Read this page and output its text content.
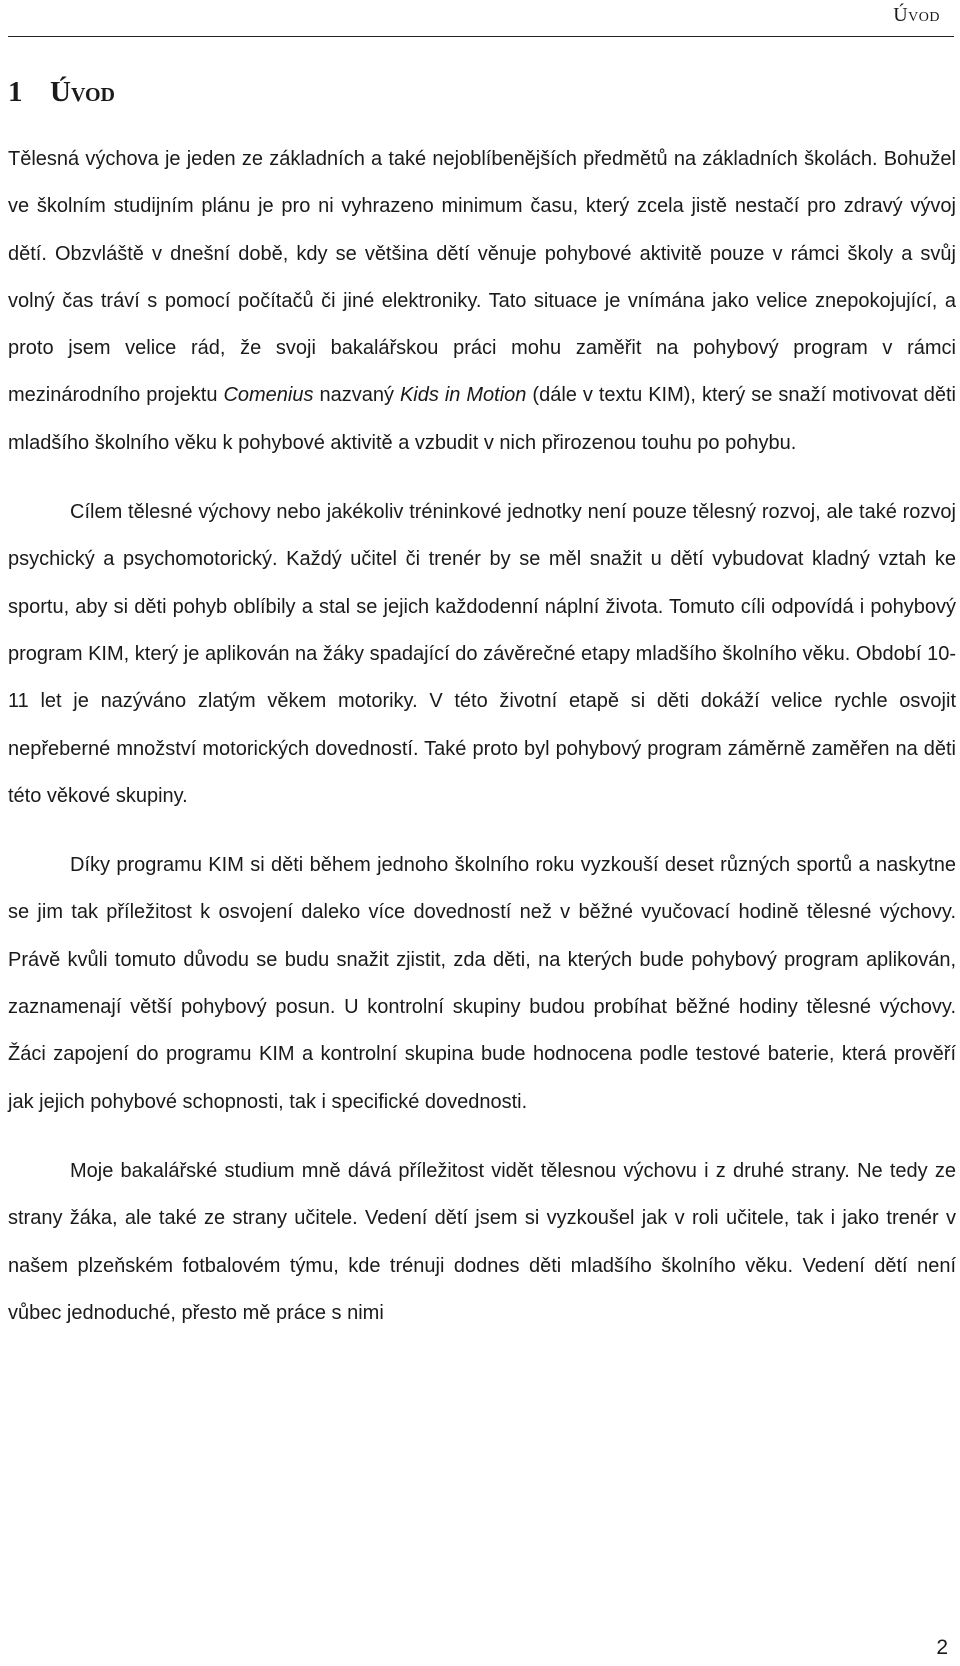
Úvod
1 Úvod

Tělesná výchova je jeden ze základních a také nejoblíbenějších předmětů na základních školách. Bohužel ve školním studijním plánu je pro ni vyhrazeno minimum času, který zcela jistě nestačí pro zdravý vývoj dětí. Obzvláště v dnešní době, kdy se většina dětí věnuje pohybové aktivitě pouze v rámci školy a svůj volný čas tráví s pomocí počítačů či jiné elektroniky. Tato situace je vnímána jako velice znepokojující, a proto jsem velice rád, že svoji bakalářskou práci mohu zaměřit na pohybový program v rámci mezinárodního projektu Comenius nazvaný Kids in Motion (dále v textu KIM), který se snaží motivovat děti mladšího školního věku k pohybové aktivitě a vzbudit v nich přirozenou touhu po pohybu.

Cílem tělesné výchovy nebo jakékoliv tréninkové jednotky není pouze tělesný rozvoj, ale také rozvoj psychický a psychomotorický. Každý učitel či trenér by se měl snažit u dětí vybudovat kladný vztah ke sportu, aby si děti pohyb oblíbily a stal se jejich každodenní náplní života. Tomuto cíli odpovídá i pohybový program KIM, který je aplikován na žáky spadající do závěrečné etapy mladšího školního věku. Období 10-11 let je nazýváno zlatým věkem motoriky. V této životní etapě si děti dokáží velice rychle osvojit nepřeberné množství motorických dovedností. Také proto byl pohybový program záměrně zaměřen na děti této věkové skupiny.

Díky programu KIM si děti během jednoho školního roku vyzkouší deset různých sportů a naskytne se jim tak příležitost k osvojení daleko více dovedností než v běžné vyučovací hodině tělesné výchovy. Právě kvůli tomuto důvodu se budu snažit zjistit, zda děti, na kterých bude pohybový program aplikován, zaznamenají větší pohybový posun. U kontrolní skupiny budou probíhat běžné hodiny tělesné výchovy. Žáci zapojení do programu KIM a kontrolní skupina bude hodnocena podle testové baterie, která prověří jak jejich pohybové schopnosti, tak i specifické dovednosti.

Moje bakalářské studium mně dává příležitost vidět tělesnou výchovu i z druhé strany. Ne tedy ze strany žáka, ale také ze strany učitele. Vedení dětí jsem si vyzkoušel jak v roli učitele, tak i jako trenér v našem plzeňském fotbalovém týmu, kde trénuji dodnes děti mladšího školního věku. Vedení dětí není vůbec jednoduché, přesto mě práce s nimi

2
